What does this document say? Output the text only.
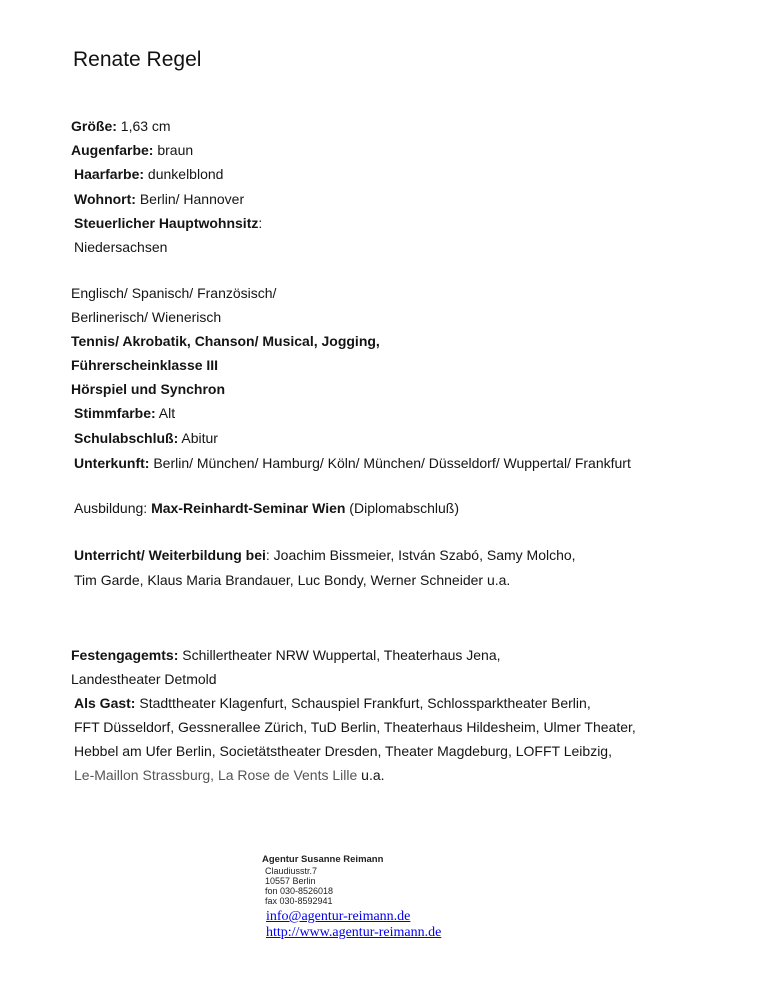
Renate Regel
Größe: 1,63 cm
Augenfarbe: braun
Haarfarbe: dunkelblond
Wohnort: Berlin/ Hannover
Steuerlicher Hauptwohnsitz:
Niedersachsen
Englisch/ Spanisch/ Französisch/
Berlinerisch/ Wienerisch
Tennis/ Akrobatik, Chanson/ Musical, Jogging,
Führerscheinklasse III
Hörspiel und Synchron
Stimmfarbe: Alt
Schulabschluß: Abitur
Unterkunft: Berlin/ München/ Hamburg/ Köln/ München/ Düsseldorf/ Wuppertal/ Frankfurt
Ausbildung: Max-Reinhardt-Seminar Wien (Diplomabschluß)
Unterricht/ Weiterbildung bei: Joachim Bissmeier, István Szabó, Samy Molcho,
Tim Garde, Klaus Maria Brandauer, Luc Bondy, Werner Schneider u.a.
Festengagemts: Schillertheater NRW Wuppertal, Theaterhaus Jena,
Landestheater Detmold
Als Gast: Stadttheater Klagenfurt, Schauspiel Frankfurt, Schlossparktheater Berlin,
FFT Düsseldorf, Gessnerallee Zürich, TuD Berlin, Theaterhaus Hildesheim, Ulmer Theater,
Hebbel am Ufer Berlin, Societätstheater Dresden, Theater Magdeburg, LOFFT Leibzig,
Le-Maillon Strassburg, La Rose de Vents Lille u.a.
Agentur Susanne Reimann
Claudiusstr.7
10557 Berlin
fon 030-8526018
fax 030-8592941
info@agentur-reimann.de
http://www.agentur-reimann.de
